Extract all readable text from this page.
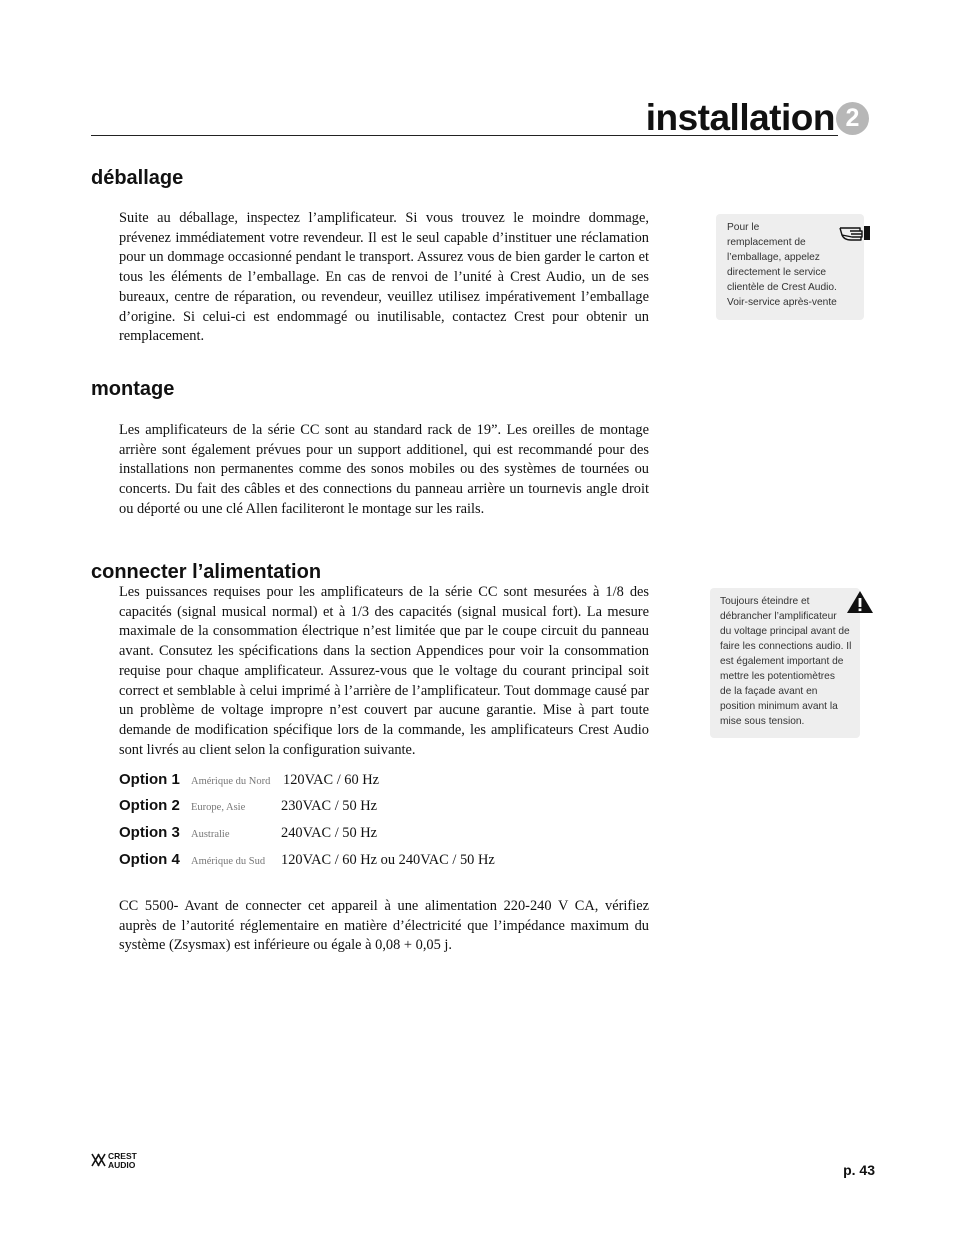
installation 2
déballage

Suite au déballage, inspectez l’amplificateur. Si vous trouvez le moindre dommage, prévenez immédiatement votre revendeur. Il est le seul capable d’instituer une réclamation pour un dommage occasionné pendant le transport. Assurez vous de bien garder le carton et tous les éléments de l’emballage. En cas de renvoi de l’unité à Crest Audio, un de ses bureaux, centre de réparation, ou revendeur, veuillez utilisez impérativement l’emballage d’origine. Si celui-ci est endommagé ou inutilisable, contactez Crest pour obtenir un remplacement.

Pour le
remplacement de
l’emballage, appelez
directement le service
clientèle de Crest Audio.
Voir-service après-vente
montage

Les amplificateurs de la série CC sont au standard rack de 19”. Les oreilles de montage arrière sont également prévues pour un support additionel, qui est recommandé pour des installations non permanentes comme des sonos mobiles ou des systèmes de tournées ou concerts. Du fait des câbles et des connections du panneau arrière un tournevis angle droit ou déporté ou une clé Allen faciliteront le montage sur les rails.

connecter l’alimentation

Les puissances requises pour les amplificateurs de la série CC sont mesurées à 1/8 des capacités (signal musical normal) et à 1/3 des capacités (signal musical fort). La mesure maximale de la consommation électrique n’est limitée que par le coupe circuit du panneau avant. Consutez les spécifications dans la section Appendices pour voir la consommation requise pour chaque amplificateur. Assurez-vous que le voltage du courant principal soit correct et semblable à celui imprimé à l’arrière de l’amplificateur. Tout dommage causé par un problème de voltage impropre n’est couvert par aucune garantie. Mise à part toute demande de modification spécifique lors de la commande, les amplificateurs Crest Audio sont livrés au client selon la configuration suivante.

Toujours éteindre et
débrancher l’amplificateur
du voltage principal avant de
faire les connections audio. Il
est également important de
mettre les potentiomètres
de la façade avant en
position minimum avant la
mise sous tension.
Option 1 Amérique du Nord 120VAC / 60 Hz
Option 2 Europe, Asie 230VAC / 50 Hz
Option 3 Australie	240VAC / 50 Hz
Option 4 Amérique du Sud 120VAC / 60 Hz ou 240VAC / 50 Hz

CC 5500- Avant de connecter cet appareil à une alimentation 220-240 V CA, vérifiez auprès de l’autorité réglementaire en matière d’électricité que l’impédance maximum du système (Zsysmax) est inférieure ou égale à 0,08 + 0,05 j.

CREST
AUDIO	p. 43
